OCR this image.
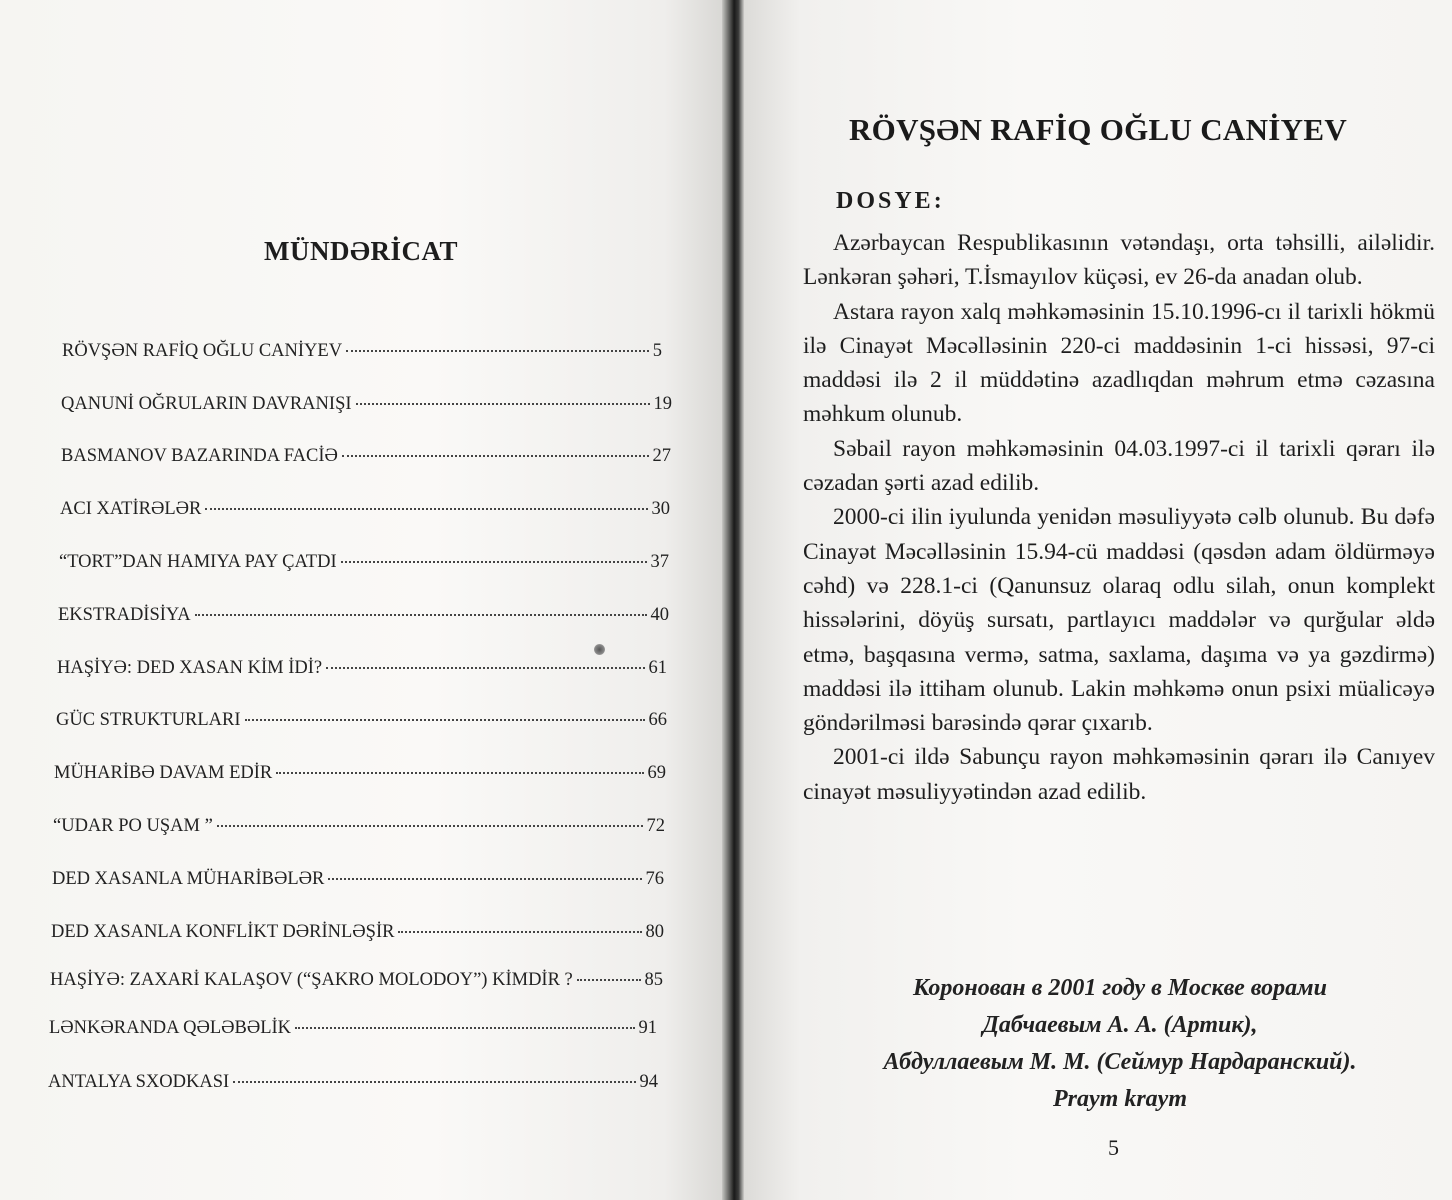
MÜNDƏRİCAT
RÖVŞƏN RAFİQ OĞLU CANİYEV	5
QANUNİ OĞRULARIN DAVRANIŞI	19
BASMANOV BAZARINDA FACİƏ	27
ACI XATİRƏLƏR	30
“TORT”DAN HAMIYA PAY ÇATDI	37
EKSTRADİSİYA	40
HAŞİYƏ: DED XASAN KİM İDİ?	61
GÜC STRUKTURLARI	66
MÜHARİBƏ DAVAM EDİR	69
“UDAR PO UŞAM ”	72
DED XASANLA MÜHARİBƏLƏR	76
DED XASANLA KONFLİKT DƏRİNLƏŞİR	80
HAŞİYƏ: ZAXARİ KALAŞOV (“ŞAKRO MOLODOY”) KİMDİR ?	85
LƏNKƏRANDA QƏLƏBƏLİK	91
ANTALYA SXODKASI	94
RÖVŞƏN RAFİQ OĞLU CANİYEV
DOSYE:

Azərbaycan Respublikasının vətəndaşı, orta təhsilli, ailəlidir. Lənkəran şəhəri, T.İsmayılov küçəsi, ev 26-da anadan olub.

Astara rayon xalq məhkəməsinin 15.10.1996-cı il tarixli hökmü ilə Cinayət Məcəlləsinin 220-ci maddəsinin 1-ci hissəsi, 97-ci maddəsi ilə 2 il müddətinə azadlıqdan məhrum etmə cəzasına məhkum olunub.

Səbail rayon məhkəməsinin 04.03.1997-ci il tarixli qərarı ilə cəzadan şərti azad edilib.

2000-ci ilin iyulunda yenidən məsuliyyətə cəlb olunub. Bu dəfə Cinayət Məcəlləsinin 15.94-cü maddəsi (qəsdən adam öldürməyə cəhd) və 228.1-ci (Qanunsuz olaraq odlu silah, onun komplekt hissələrini, döyüş sursatı, partlayıcı maddələr və qurğular əldə etmə, başqasına vermə, satma, saxlama, daşıma və ya gəzdirmə) maddəsi ilə ittiham olunub. Lakin məhkəmə onun psixi müalicəyə göndərilməsi barəsində qərar çıxarıb.

2001-ci ildə Sabunçu rayon məhkəməsinin qərarı ilə Canıyev cinayət məsuliyyətindən azad edilib.

Коронован в 2001 году в Москве ворами
Дабчаевым А. А. (Артик),
Абдуллаевым М. М. (Сеймур Нардаранский).
Praym kraym
5
